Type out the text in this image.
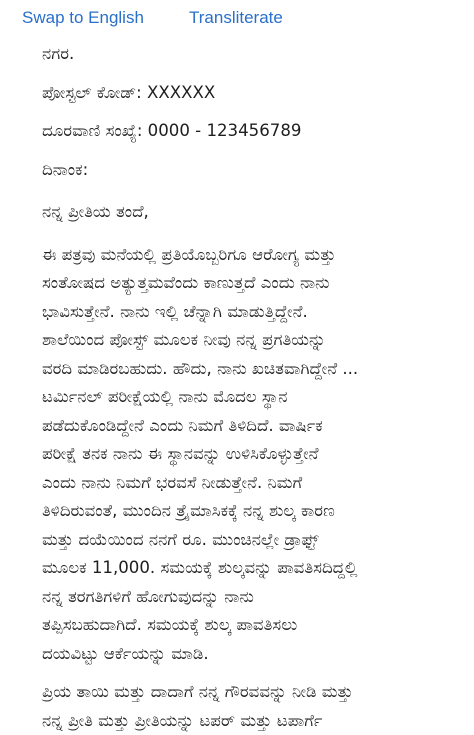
Swap to English	Transliterate

ನಗರ.

ಪೋಸ್ಟಲ್ ಕೋಡ್: XXXXXX

ದೂರವಾಣಿ ಸಂಖ್ಯೆ: 0000 - 123456789

ದಿನಾಂಕ:

ನನ್ನ ಪ್ರೀತಿಯ ತಂದೆ,

ಈ ಪತ್ರವು ಮನೆಯಲ್ಲಿ ಪ್ರತಿಯೊಬ್ಬರಿಗೂ ಆರೋಗ್ಯ ಮತ್ತು

ಸಂತೋಷದ ಅತ್ಯುತ್ತಮವೆಂದು ಕಾಣುತ್ತದೆ ಎಂದು ನಾನು

ಭಾವಿಸುತ್ತೇನೆ. ನಾನು ಇಲ್ಲಿ ಚೆನ್ನಾಗಿ ಮಾಡುತ್ತಿದ್ದೇನೆ.

ಶಾಲೆಯಿಂದ ಪೋಸ್ಟ್ ಮೂಲಕ ನೀವು ನನ್ನ ಪ್ರಗತಿಯನ್ನು

ವರದಿ ಮಾಡಿರಬಹುದು. ಹೌದು, ನಾನು ಖಚಿತವಾಗಿದ್ದೇನೆ ...

ಟರ್ಮಿನಲ್ ಪರೀಕ್ಷೆಯಲ್ಲಿ ನಾನು ಮೊದಲ ಸ್ಥಾನ

ಪಡೆದುಕೊಂಡಿದ್ದೇನೆ ಎಂದು ನಿಮಗೆ ತಿಳಿದಿದೆ. ವಾರ್ಷಿಕ

ಪರೀಕ್ಷೆ ತನಕ ನಾನು ಈ ಸ್ಥಾನವನ್ನು ಉಳಿಸಿಕೊಳ್ಳುತ್ತೇನೆ

ಎಂದು ನಾನು ನಿಮಗೆ ಭರವಸೆ ನೀಡುತ್ತೇನೆ. ನಿಮಗೆ

ತಿಳಿದಿರುವಂತೆ, ಮುಂದಿನ ತ್ರೈಮಾಸಿಕಕ್ಕೆ ನನ್ನ ಶುಲ್ಕ ಕಾರಣ

ಮತ್ತು ದಯೆಯಿಂದ ನನಗೆ ರೂ. ಮುಂಚಿನಲ್ಲೇ ಡ್ರಾಫ್ಟ್

ಮೂಲಕ 11,000. ಸಮಯಕ್ಕೆ ಶುಲ್ಕವನ್ನು ಪಾವತಿಸದಿದ್ದಲ್ಲಿ

ನನ್ನ ತರಗತಿಗಳಿಗೆ ಹೋಗುವುದನ್ನು ನಾನು

ತಪ್ಪಿಸಬಹುದಾಗಿದೆ. ಸಮಯಕ್ಕೆ ಶುಲ್ಕ ಪಾವತಿಸಲು

ದಯವಿಟ್ಟು ಆರ್ಕೆಯನ್ನು ಮಾಡಿ.

ಪ್ರಿಯ ತಾಯಿ ಮತ್ತು ದಾದಾಗೆ ನನ್ನ ಗೌರವವನ್ನು ನೀಡಿ ಮತ್ತು

ನನ್ನ ಪ್ರೀತಿ ಮತ್ತು ಪ್ರೀತಿಯನ್ನು ಟಪರ್ ಮತ್ತು ಟಪಾರ್ಗೆ
